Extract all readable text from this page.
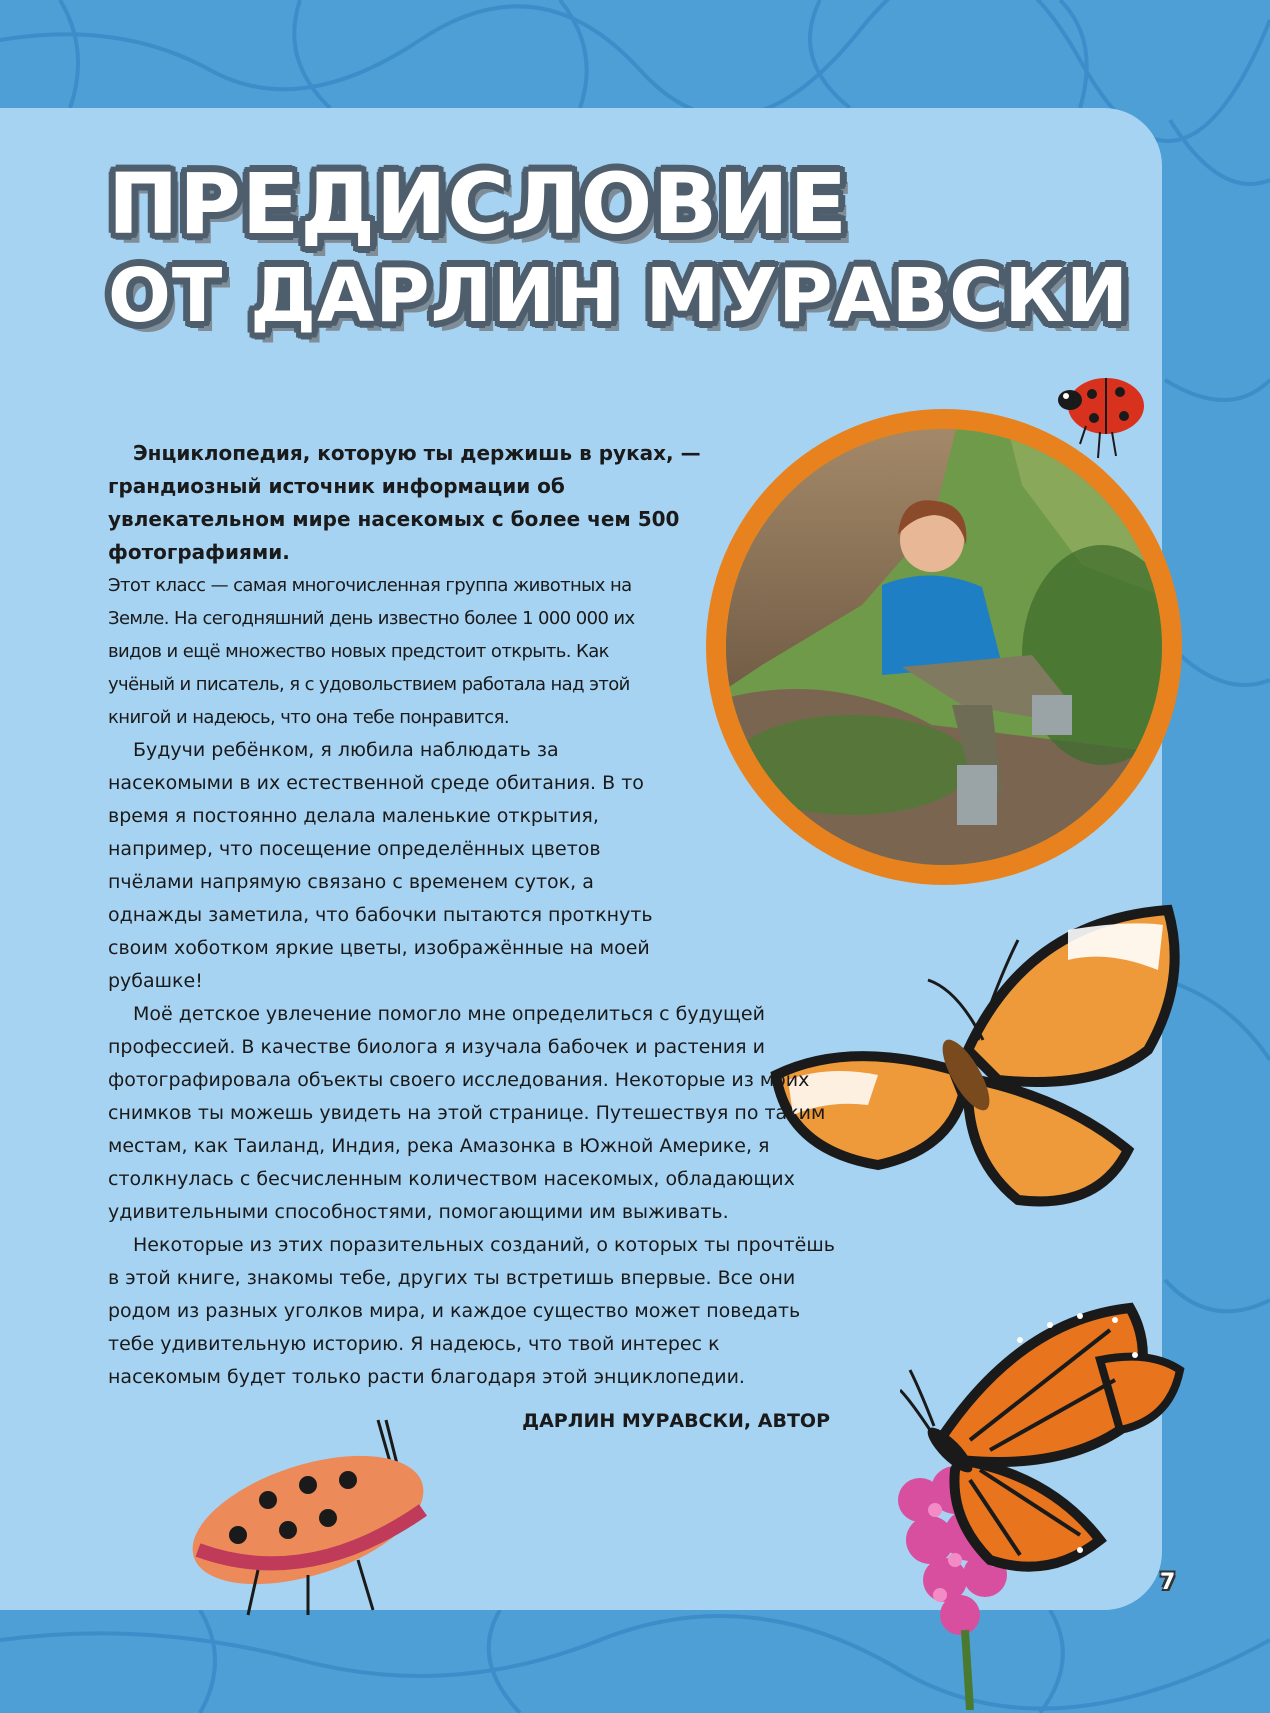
ПРЕДИСЛОВИЕ
ОТ ДАРЛИН МУРАВСКИ

Энциклопедия, которую ты держишь в руках, — грандиозный источник информации об увлекательном мире насекомых с более чем 500 фотографиями.

Этот класс — самая многочисленная группа животных на Земле. На сегодняшний день известно более 1 000 000 их видов и ещё множество новых предстоит открыть. Как учёный и писатель, я с удовольствием работала над этой книгой и надеюсь, что она тебе понравится.

Будучи ребёнком, я любила наблюдать за насекомыми в их естественной среде обитания. В то время я постоянно делала маленькие открытия, например, что посещение определённых цветов пчёлами напрямую связано с временем суток, а однажды заметила, что бабочки пытаются проткнуть своим хоботком яркие цветы, изображённые на моей рубашке!

Моё детское увлечение помогло мне определиться с будущей профессией. В качестве биолога я изучала бабочек и растения и фотографировала объекты своего исследования. Некоторые из моих снимков ты можешь увидеть на этой странице. Путешествуя по таким местам, как Таиланд, Индия, река Амазонка в Южной Америке, я столкнулась с бесчисленным количеством насекомых, обладающих удивительными способностями, помогающими им выживать.

Некоторые из этих поразительных созданий, о которых ты прочтёшь в этой книге, знакомы тебе, других ты встретишь впервые. Все они родом из разных уголков мира, и каждое существо может поведать тебе удивительную историю. Я надеюсь, что твой интерес к насекомым будет только расти благодаря этой энциклопедии.

ДАРЛИН МУРАВСКИ, АВТОР
7
